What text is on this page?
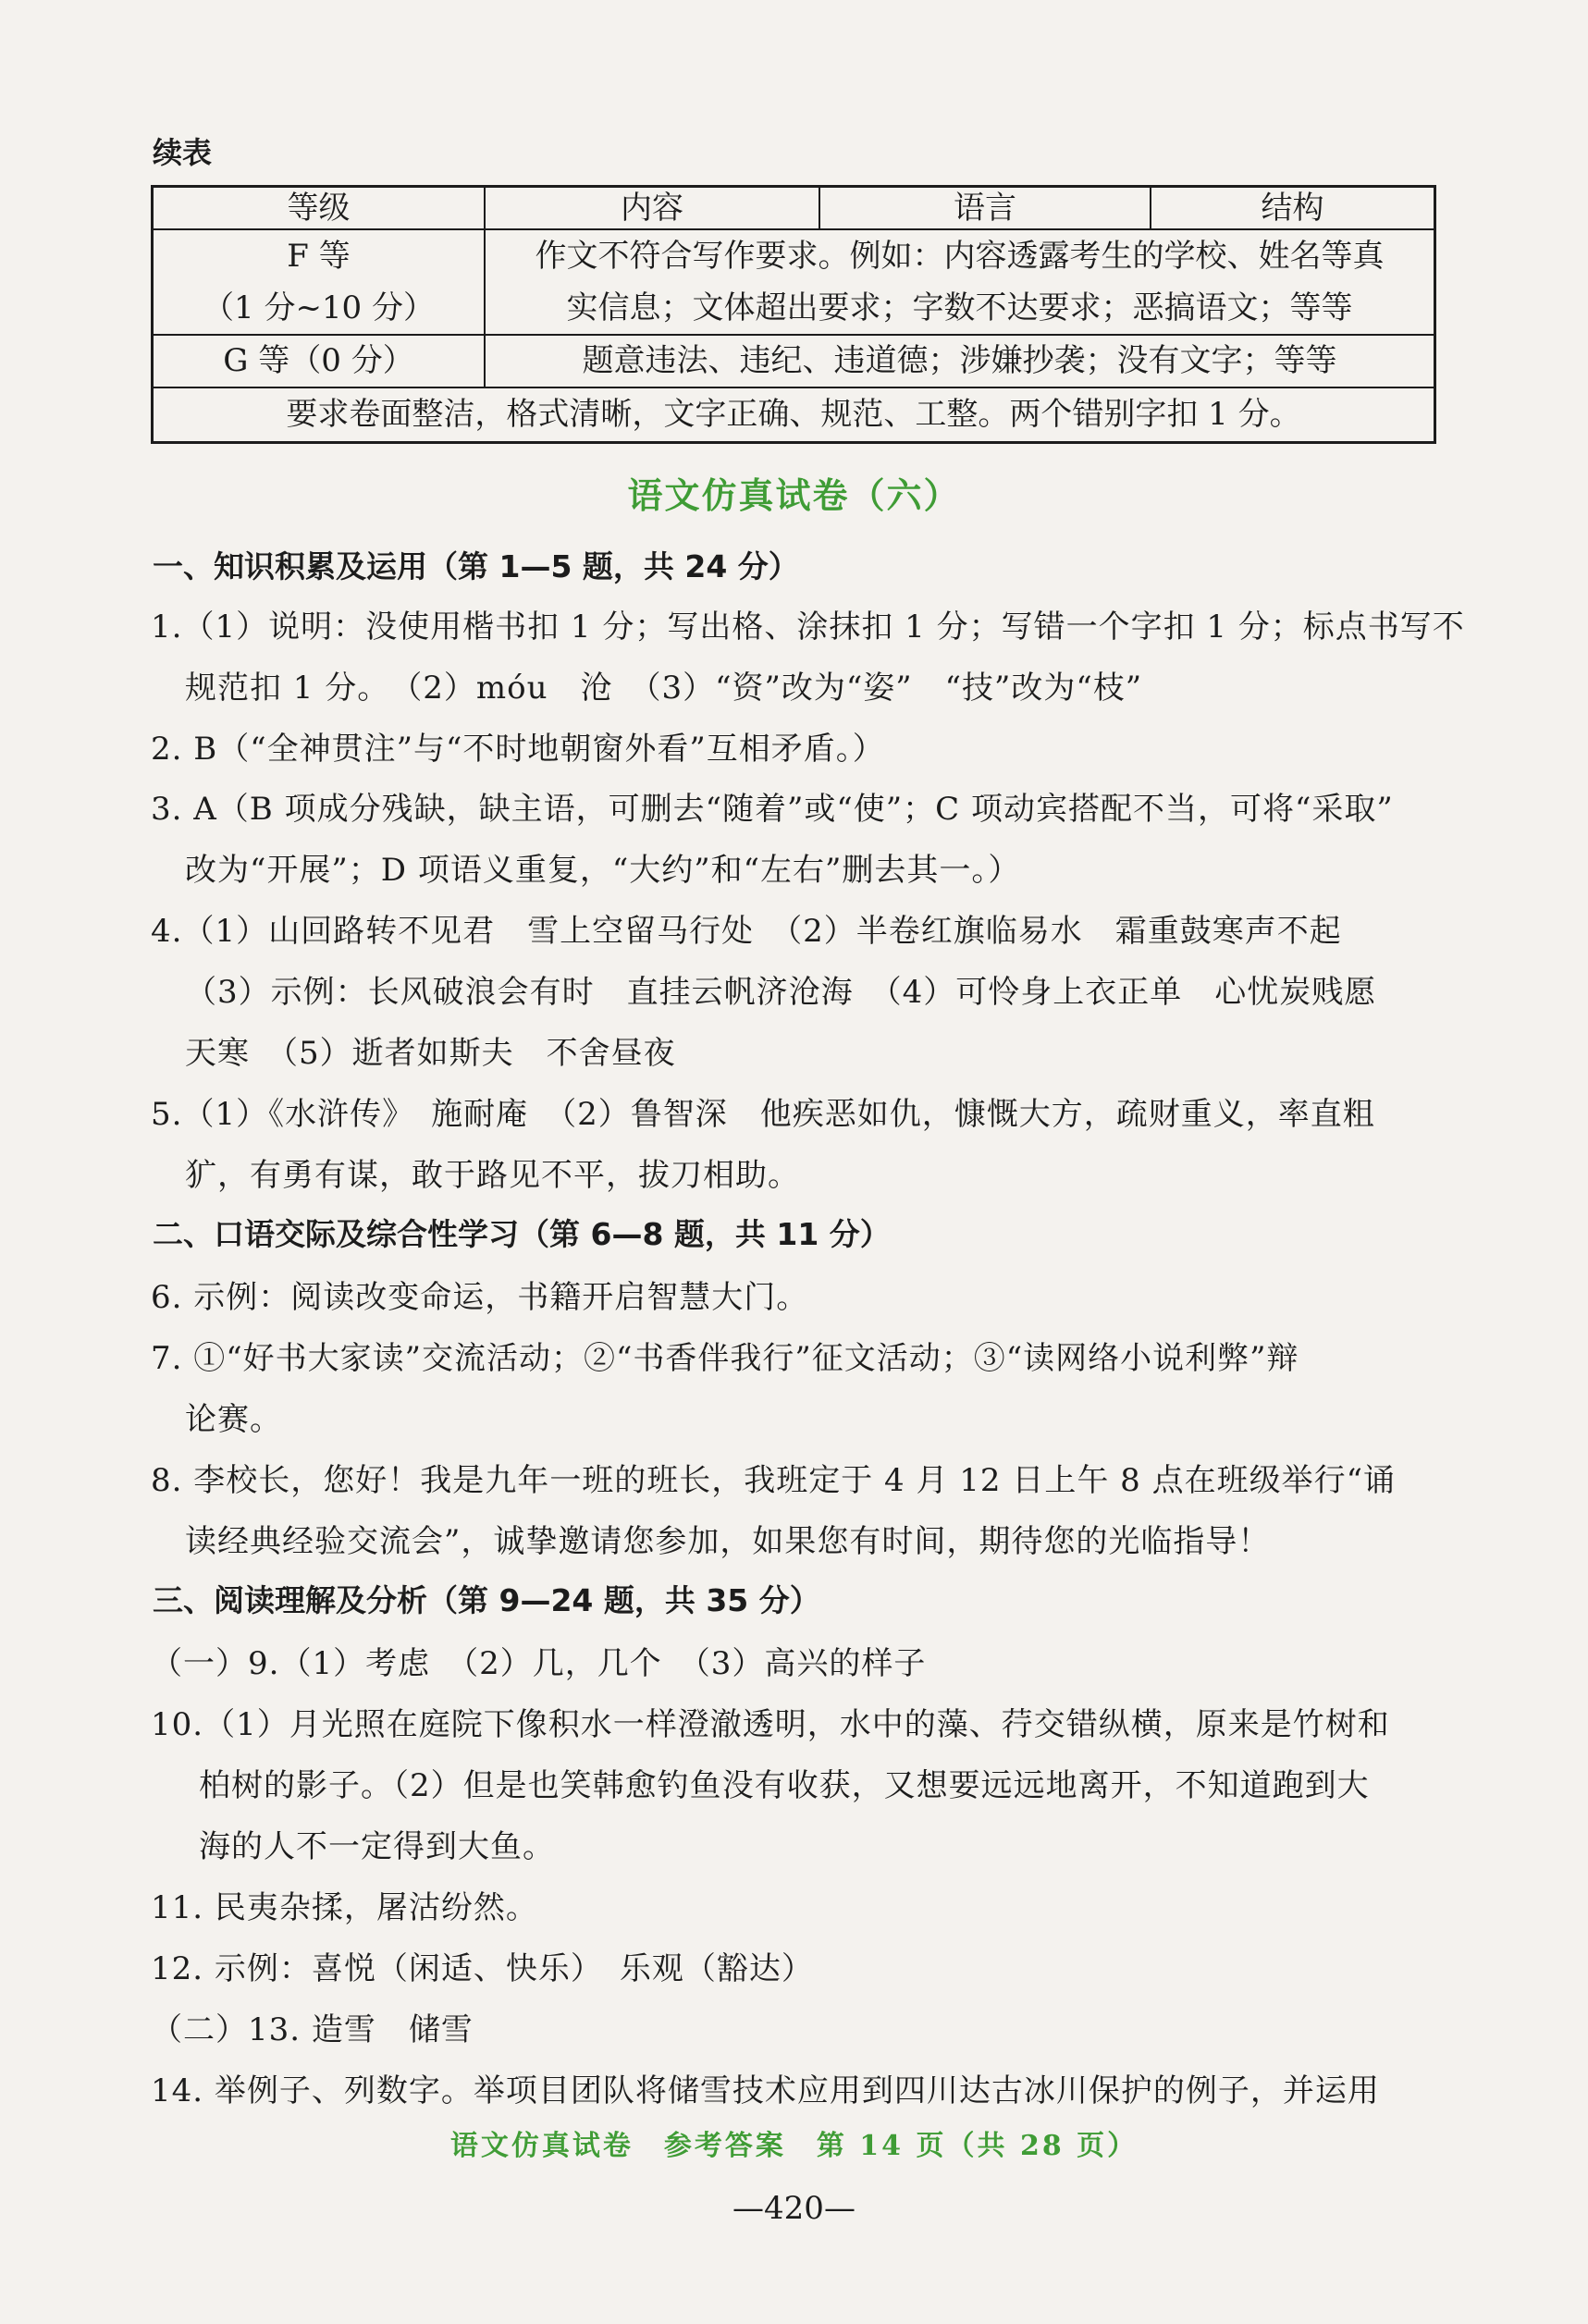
续表
等级	内容	语言	结构

F 等
（1 分~10 分）	作文不符合写作要求。例如：内容透露考生的学校、姓名等真
实信息；文体超出要求；字数不达要求；恶搞语文；等等		

G 等（0 分）	题意违法、违纪、违道德；涉嫌抄袭；没有文字；等等		
要求卷面整洁，格式清晰，文字正确、规范、工整。两个错别字扣 1 分。			
语文仿真试卷（六）
一、知识积累及运用（第 1—5 题，共 24 分）
1.（1）说明：没使用楷书扣 1 分；写出格、涂抹扣 1 分；写错一个字扣 1 分；标点书写不
规范扣 1 分。　（2）móu　沧　（3）“资”改为“姿”　“技”改为“枝”
2. B（“全神贯注”与“不时地朝窗外看”互相矛盾。）
3. A（B 项成分残缺，缺主语，可删去“随着”或“使”；C 项动宾搭配不当，可将“采取”
改为“开展”；D 项语义重复，“大约”和“左右”删去其一。）
4.（1）山回路转不见君　雪上空留马行处　（2）半卷红旗临易水　霜重鼓寒声不起
（3）示例：长风破浪会有时　直挂云帆济沧海　（4）可怜身上衣正单　心忧炭贱愿
天寒　（5）逝者如斯夫　不舍昼夜
5.（1）《水浒传》　施耐庵　（2）鲁智深　他疾恶如仇，慷慨大方，疏财重义，率直粗
犷，有勇有谋，敢于路见不平，拔刀相助。
二、口语交际及综合性学习（第 6—8 题，共 11 分）
6. 示例：阅读改变命运，书籍开启智慧大门。
7. ①“好书大家读”交流活动；②“书香伴我行”征文活动；③“读网络小说利弊”辩
论赛。
8. 李校长，您好！我是九年一班的班长，我班定于 4 月 12 日上午 8 点在班级举行“诵
读经典经验交流会”，诚挚邀请您参加，如果您有时间，期待您的光临指导！
三、阅读理解及分析（第 9—24 题，共 35 分）
（一）9.（1）考虑　（2）几，几个　（3）高兴的样子
10.（1）月光照在庭院下像积水一样澄澈透明，水中的藻、荇交错纵横，原来是竹树和
柏树的影子。（2）但是也笑韩愈钓鱼没有收获，又想要远远地离开，不知道跑到大
海的人不一定得到大鱼。
11. 民夷杂揉，屠沽纷然。
12. 示例：喜悦（闲适、快乐）　乐观（豁达）
（二）13. 造雪　储雪
14. 举例子、列数字。举项目团队将储雪技术应用到四川达古冰川保护的例子，并运用
语文仿真试卷　参考答案　第 14 页（共 28 页）
—420—
